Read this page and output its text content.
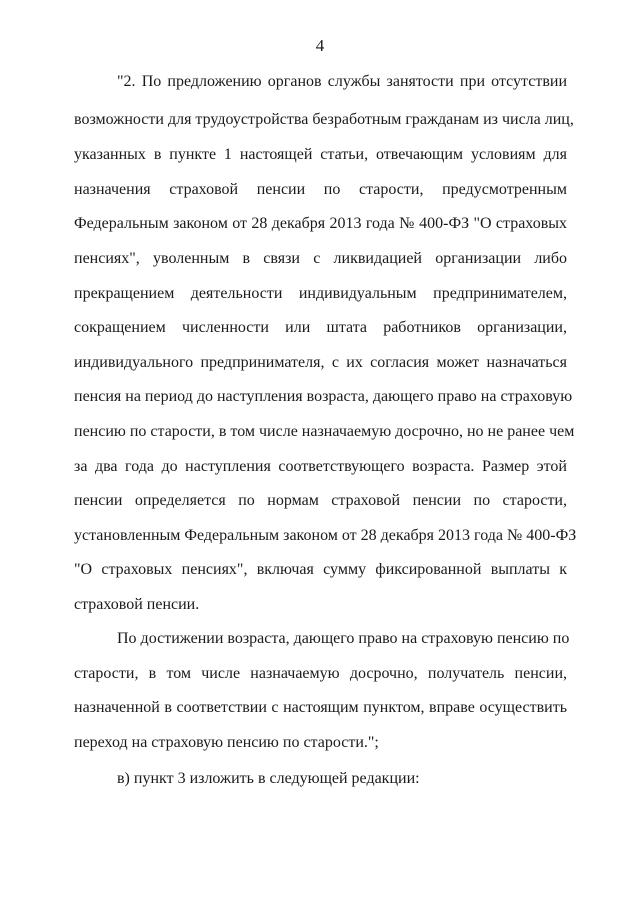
4
"2. По предложению органов службы занятости при отсутствии
возможности для трудоустройства безработным гражданам из числа лиц,
указанных в пункте 1 настоящей статьи, отвечающим условиям для
назначения страховой пенсии по старости, предусмотренным
Федеральным законом от 28 декабря 2013 года № 400-ФЗ "О страховых
пенсиях", уволенным в связи с ликвидацией организации либо
прекращением деятельности индивидуальным предпринимателем,
сокращением численности или штата работников организации,
индивидуального предпринимателя, с их согласия может назначаться
пенсия на период до наступления возраста, дающего право на страховую
пенсию по старости, в том числе назначаемую досрочно, но не ранее чем
за два года до наступления соответствующего возраста. Размер этой
пенсии определяется по нормам страховой пенсии по старости,
установленным Федеральным законом от 28 декабря 2013 года № 400-ФЗ
"О страховых пенсиях", включая сумму фиксированной выплаты к
страховой пенсии.
По достижении возраста, дающего право на страховую пенсию по
старости, в том числе назначаемую досрочно, получатель пенсии,
назначенной в соответствии с настоящим пунктом, вправе осуществить
переход на страховую пенсию по старости.";
в) пункт 3 изложить в следующей редакции:
